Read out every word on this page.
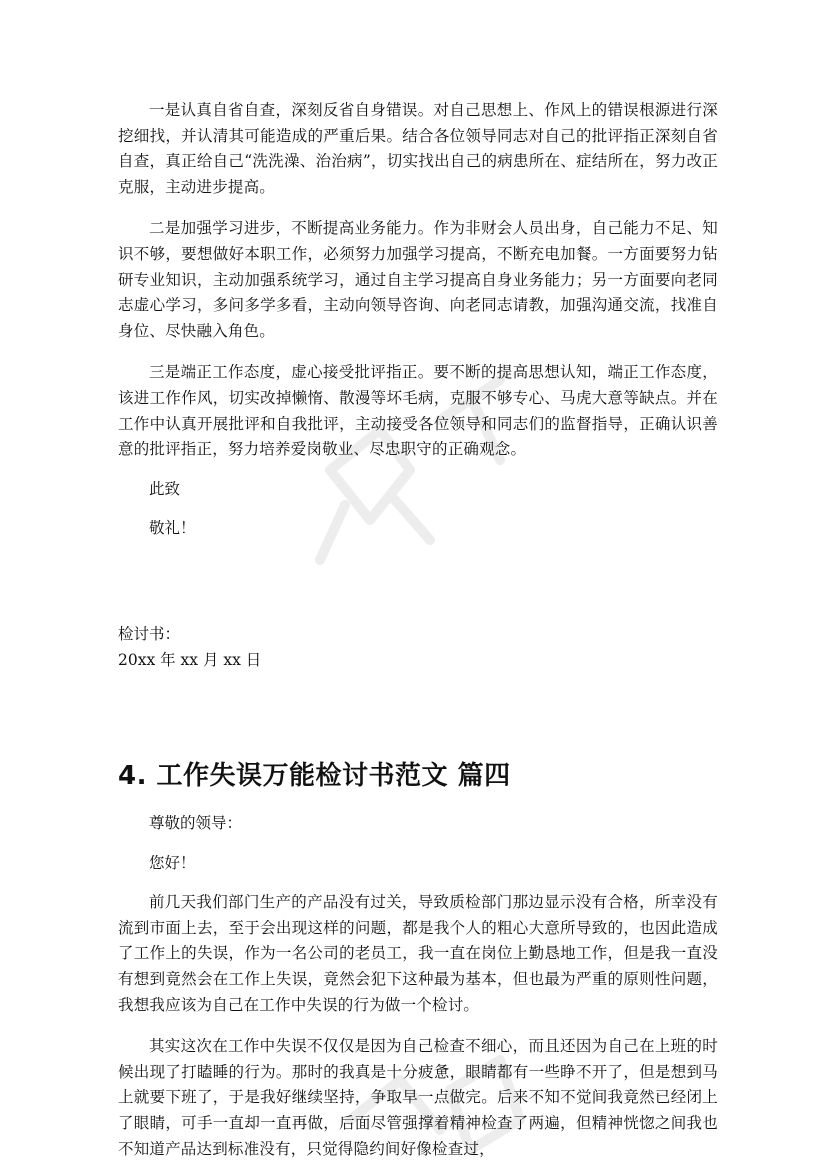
一是认真自省自查，深刻反省自身错误。对自己思想上、作风上的错误根源进行深挖细找，并认清其可能造成的严重后果。结合各位领导同志对自己的批评指正深刻自省自查，真正给自己“洗洗澡、治治病”，切实找出自己的病患所在、症结所在，努力改正克服，主动进步提高。

二是加强学习进步，不断提高业务能力。作为非财会人员出身，自己能力不足、知识不够，要想做好本职工作，必须努力加强学习提高，不断充电加餐。一方面要努力钻研专业知识，主动加强系统学习，通过自主学习提高自身业务能力；另一方面要向老同志虚心学习，多问多学多看，主动向领导咨询、向老同志请教，加强沟通交流，找准自身位、尽快融入角色。

三是端正工作态度，虚心接受批评指正。要不断的提高思想认知，端正工作态度，该进工作作风，切实改掉懒惰、散漫等坏毛病，克服不够专心、马虎大意等缺点。并在工作中认真开展批评和自我批评，主动接受各位领导和同志们的监督指导，正确认识善意的批评指正，努力培养爱岗敬业、尽忠职守的正确观念。

此致

敬礼！

检讨书：

20xx 年 xx 月 xx 日

4. 工作失误万能检讨书范文 篇四

尊敬的领导：

您好！

前几天我们部门生产的产品没有过关，导致质检部门那边显示没有合格，所幸没有流到市面上去，至于会出现这样的问题，都是我个人的粗心大意所导致的，也因此造成了工作上的失误，作为一名公司的老员工，我一直在岗位上勤恳地工作，但是我一直没有想到竟然会在工作上失误，竟然会犯下这种最为基本，但也最为严重的原则性问题，我想我应该为自己在工作中失误的行为做一个检讨。

其实这次在工作中失误不仅仅是因为自己检查不细心，而且还因为自己在上班的时候出现了打瞌睡的行为。那时的我真是十分疲惫，眼睛都有一些睁不开了，但是想到马上就要下班了，于是我好继续坚持，争取早一点做完。后来不知不觉间我竟然已经闭上了眼睛，可手一直却一直再做，后面尽管强撑着精神检查了两遍，但精神恍惚之间我也不知道产品达到标准没有，只觉得隐约间好像检查过，
